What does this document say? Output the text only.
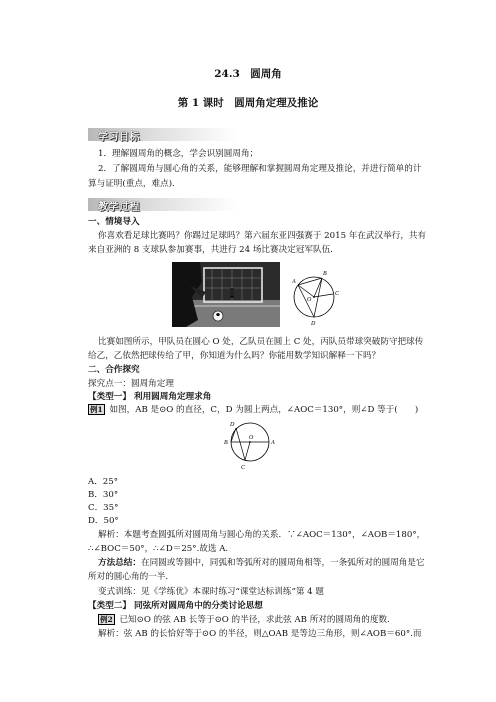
24.3　圆周角
第 1 课时　圆周角定理及推论
学习目标
1．理解圆周角的概念，学会识别圆周角；
2．了解圆周角与圆心角的关系，能够理解和掌握圆周角定理及推论，并进行简单的计
算与证明(重点，难点).
教学过程
一、情境导入
你喜欢看足球比赛吗？你踢过足球吗？第六届东亚四强赛于 2015 年在武汉举行，共有
来自亚洲的 8 支球队参加赛事，共进行 24 场比赛决定冠军队伍.
A
B
C
O
D
比赛如图所示，甲队员在圆心 O 处，乙队员在圆上 C 处，丙队员带球突破防守把球传
给乙，乙依然把球传给了甲，你知道为什么吗？你能用数学知识解释一下吗？
二、合作探究
探究点一：圆周角定理
【类型一】 利用圆周角定理求角
例1 如图，AB 是⊙O 的直径，C，D 为圆上两点，∠AOC＝130°，则∠D 等于(　　)
D
B
O
A
C
A．25°
B．30°
C．35°
D．50°
解析：本题考查圆弧所对圆周角与圆心角的关系．∵∠AOC＝130°，∠AOB＝180°，
∴∠BOC＝50°，∴∠D＝25°.故选 A.
方法总结：在同圆或等圆中，同弧和等弧所对的圆周角相等，一条弧所对的圆周角是它
所对的圆心角的一半.
变式训练：见《学练优》本课时练习“课堂达标训练”第 4 题
【类型二】 同弦所对圆周角中的分类讨论思想
例2 已知⊙O 的弦 AB 长等于⊙O 的半径，求此弦 AB 所对的圆周角的度数.
解析：弦 AB 的长恰好等于⊙O 的半径，则△OAB 是等边三角形，则∠AOB＝60°.而
